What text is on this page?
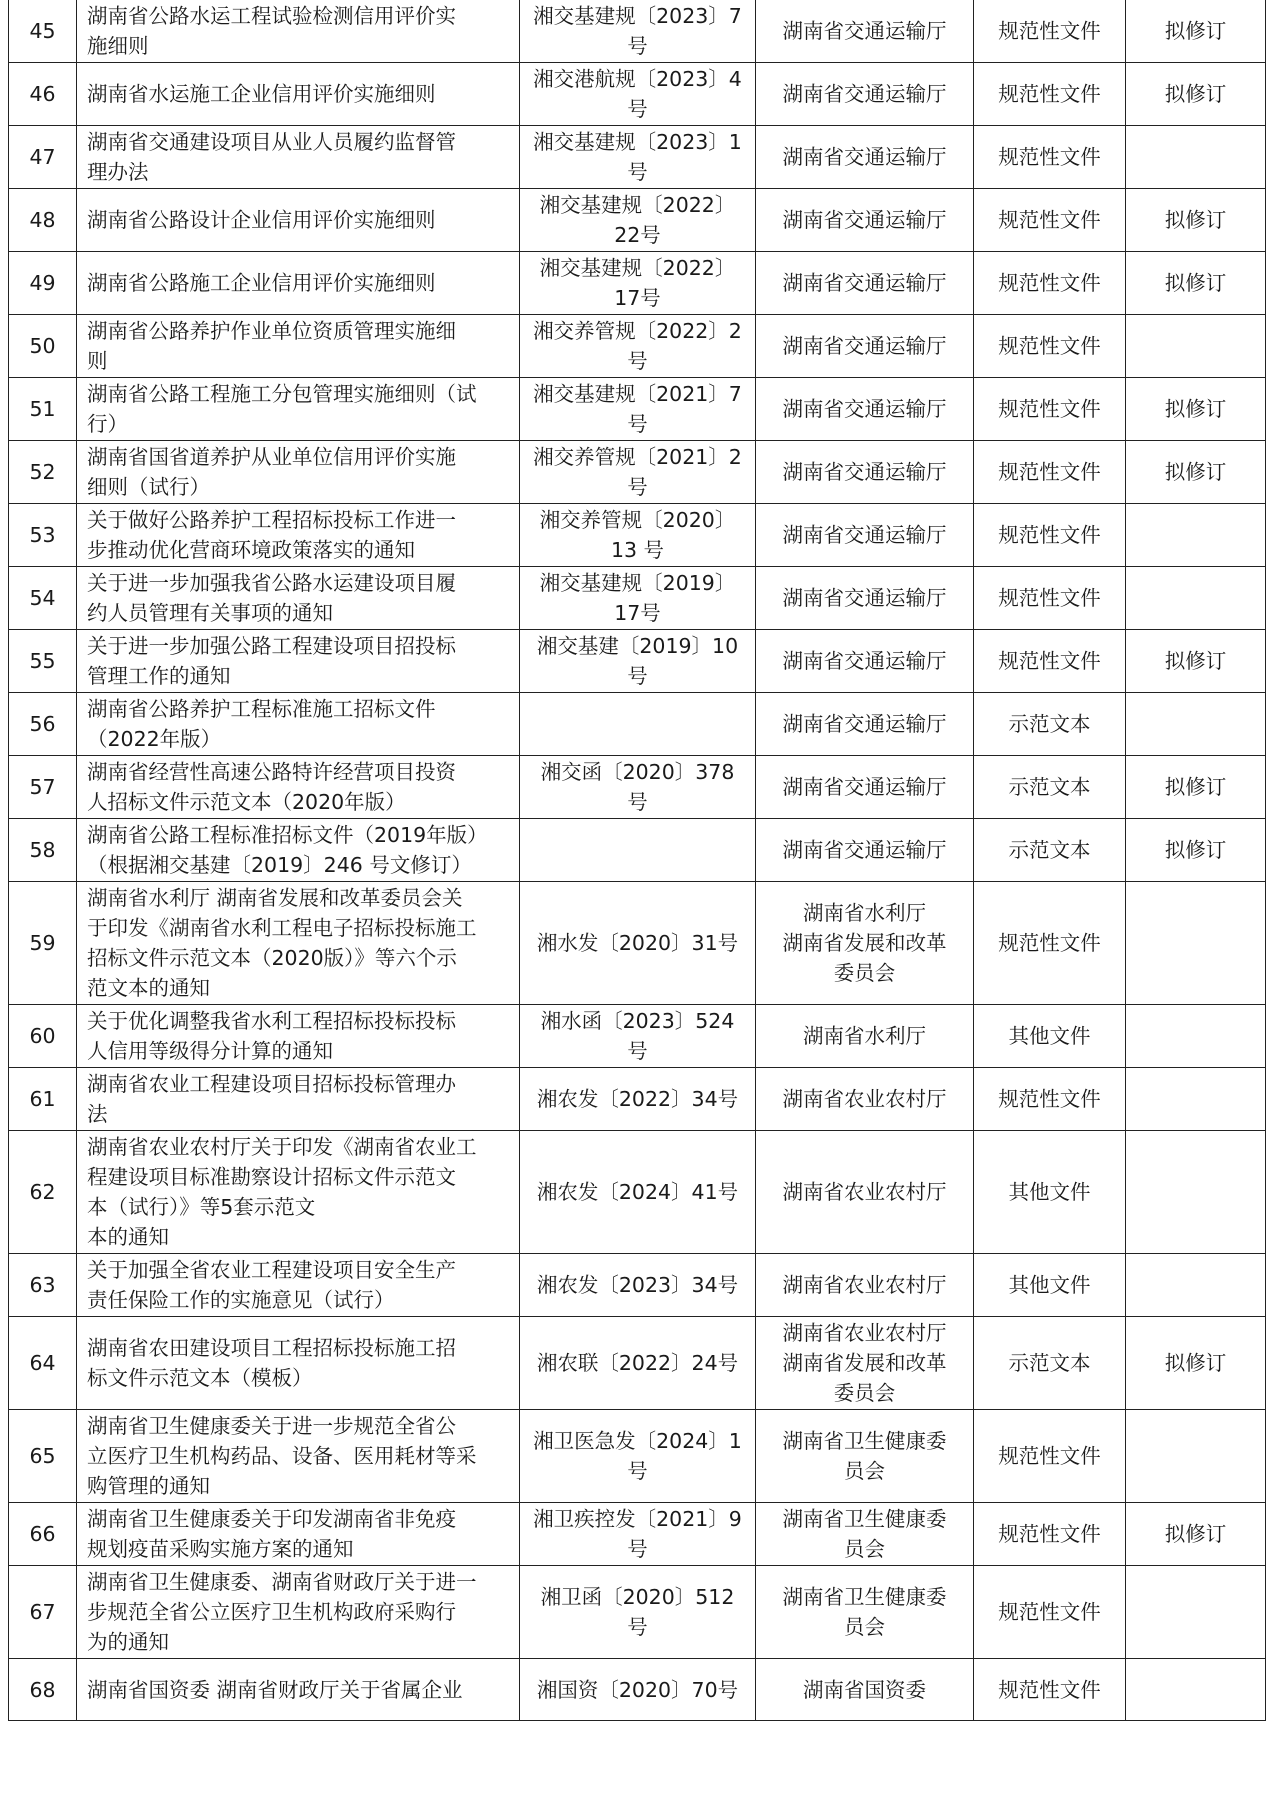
45	湖南省公路水运工程试验检测信用评价实
施细则	湘交基建规〔2023〕7
号	湖南省交通运输厅	规范性文件	拟修订
46	湖南省水运施工企业信用评价实施细则	湘交港航规〔2023〕4
号	湖南省交通运输厅	规范性文件	拟修订
47	湖南省交通建设项目从业人员履约监督管
理办法	湘交基建规〔2023〕1
号	湖南省交通运输厅	规范性文件	
48	湖南省公路设计企业信用评价实施细则	湘交基建规〔2022〕
22号	湖南省交通运输厅	规范性文件	拟修订
49	湖南省公路施工企业信用评价实施细则	湘交基建规〔2022〕
17号	湖南省交通运输厅	规范性文件	拟修订
50	湖南省公路养护作业单位资质管理实施细
则	湘交养管规〔2022〕2
号	湖南省交通运输厅	规范性文件	
51	湖南省公路工程施工分包管理实施细则（试
行）	湘交基建规〔2021〕7
号	湖南省交通运输厅	规范性文件	拟修订
52	湖南省国省道养护从业单位信用评价实施
细则（试行）	湘交养管规〔2021〕2
号	湖南省交通运输厅	规范性文件	拟修订
53	关于做好公路养护工程招标投标工作进一
步推动优化营商环境政策落实的通知	湘交养管规〔2020〕
13 号	湖南省交通运输厅	规范性文件	
54	关于进一步加强我省公路水运建设项目履
约人员管理有关事项的通知	湘交基建规〔2019〕
17号	湖南省交通运输厅	规范性文件	
55	关于进一步加强公路工程建设项目招投标
管理工作的通知	湘交基建〔2019〕10
号	湖南省交通运输厅	规范性文件	拟修订
56	湖南省公路养护工程标准施工招标文件
（2022年版）		湖南省交通运输厅	示范文本	
57	湖南省经营性高速公路特许经营项目投资
人招标文件示范文本（2020年版）	湘交函〔2020〕378
号	湖南省交通运输厅	示范文本	拟修订
58	湖南省公路工程标准招标文件（2019年版）
（根据湘交基建〔2019〕246 号文修订）		湖南省交通运输厅	示范文本	拟修订
59	湖南省水利厅 湖南省发展和改革委员会关
于印发《湖南省水利工程电子招标投标施工
招标文件示范文本（2020版）》等六个示
范文本的通知	湘水发〔2020〕31号	湖南省水利厅
湖南省发展和改革
委员会	规范性文件	
60	关于优化调整我省水利工程招标投标投标
人信用等级得分计算的通知	湘水函〔2023〕524
号	湖南省水利厅	其他文件	
61	湖南省农业工程建设项目招标投标管理办
法	湘农发〔2022〕34号	湖南省农业农村厅	规范性文件	
62	湖南省农业农村厅关于印发《湖南省农业工
程建设项目标准勘察设计招标文件示范文
本（试行）》等5套示范文
本的通知	湘农发〔2024〕41号	湖南省农业农村厅	其他文件	
63	关于加强全省农业工程建设项目安全生产
责任保险工作的实施意见（试行）	湘农发〔2023〕34号	湖南省农业农村厅	其他文件	
64	湖南省农田建设项目工程招标投标施工招
标文件示范文本（模板）	湘农联〔2022〕24号	湖南省农业农村厅
湖南省发展和改革
委员会	示范文本	拟修订
65	湖南省卫生健康委关于进一步规范全省公
立医疗卫生机构药品、设备、医用耗材等采
购管理的通知	湘卫医急发〔2024〕1
号	湖南省卫生健康委
员会	规范性文件	
66	湖南省卫生健康委关于印发湖南省非免疫
规划疫苗采购实施方案的通知	湘卫疾控发〔2021〕9
号	湖南省卫生健康委
员会	规范性文件	拟修订
67	湖南省卫生健康委、湖南省财政厅关于进一
步规范全省公立医疗卫生机构政府采购行
为的通知	湘卫函〔2020〕512
号	湖南省卫生健康委
员会	规范性文件	
68	湖南省国资委 湖南省财政厅关于省属企业	湘国资〔2020〕70号	湖南省国资委	规范性文件	
